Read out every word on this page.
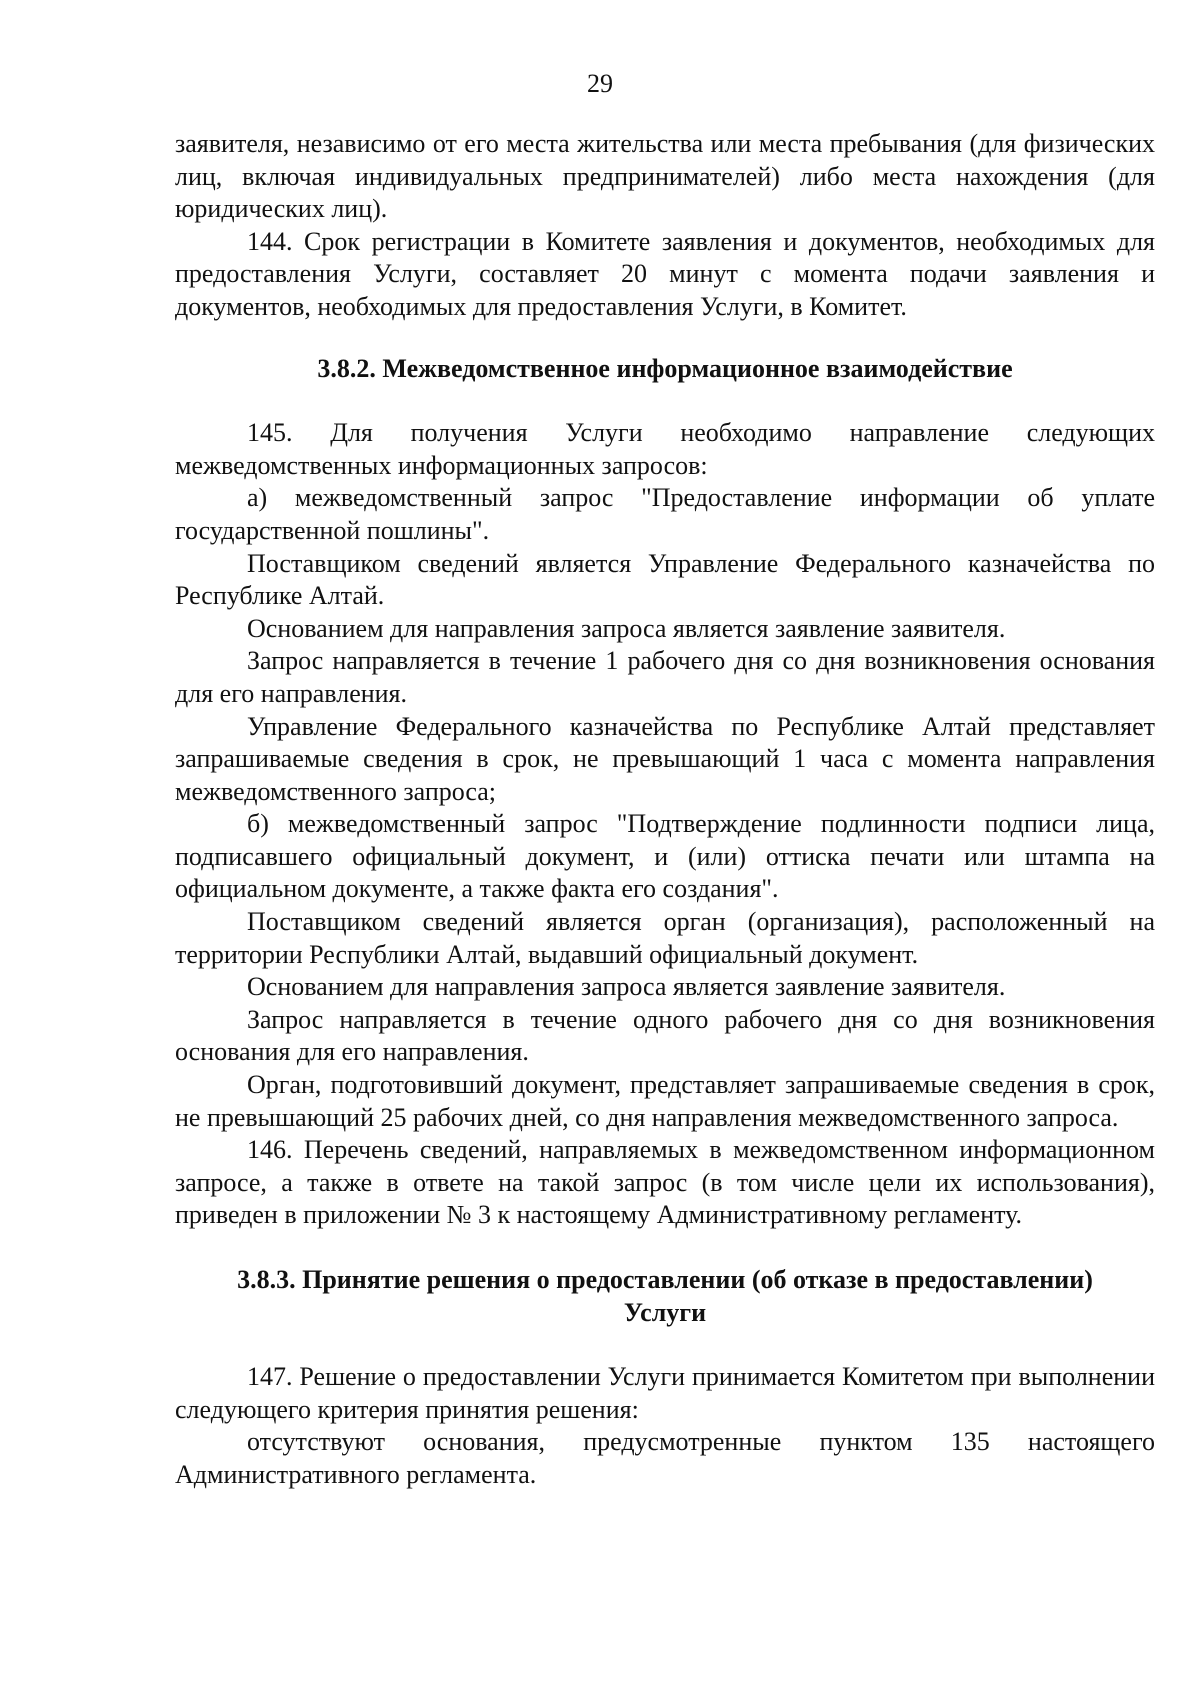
29

заявителя, независимо от его места жительства или места пребывания (для физических лиц, включая индивидуальных предпринимателей) либо места нахождения (для юридических лиц).

144. Срок регистрации в Комитете заявления и документов, необходимых для предоставления Услуги, составляет 20 минут с момента подачи заявления и документов, необходимых для предоставления Услуги, в Комитет.

3.8.2. Межведомственное информационное взаимодействие

145. Для получения Услуги необходимо направление следующих межведомственных информационных запросов:

а) межведомственный запрос "Предоставление информации об уплате государственной пошлины".

Поставщиком сведений является Управление Федерального казначейства по Республике Алтай.

Основанием для направления запроса является заявление заявителя.

Запрос направляется в течение 1 рабочего дня со дня возникновения основания для его направления.

Управление Федерального казначейства по Республике Алтай представляет запрашиваемые сведения в срок, не превышающий 1 часа с момента направления межведомственного запроса;

б) межведомственный запрос "Подтверждение подлинности подписи лица, подписавшего официальный документ, и (или) оттиска печати или штампа на официальном документе, а также факта его создания".

Поставщиком сведений является орган (организация), расположенный на территории Республики Алтай, выдавший официальный документ.

Основанием для направления запроса является заявление заявителя.

Запрос направляется в течение одного рабочего дня со дня возникновения основания для его направления.

Орган, подготовивший документ, представляет запрашиваемые сведения в срок, не превышающий 25 рабочих дней, со дня направления межведомственного запроса.

146. Перечень сведений, направляемых в межведомственном информационном запросе, а также в ответе на такой запрос (в том числе цели их использования), приведен в приложении № 3 к настоящему Административному регламенту.

3.8.3. Принятие решения о предоставлении (об отказе в предоставлении)
Услуги

147. Решение о предоставлении Услуги принимается Комитетом при выполнении следующего критерия принятия решения:

отсутствуют основания, предусмотренные пунктом 135 настоящего Административного регламента.
